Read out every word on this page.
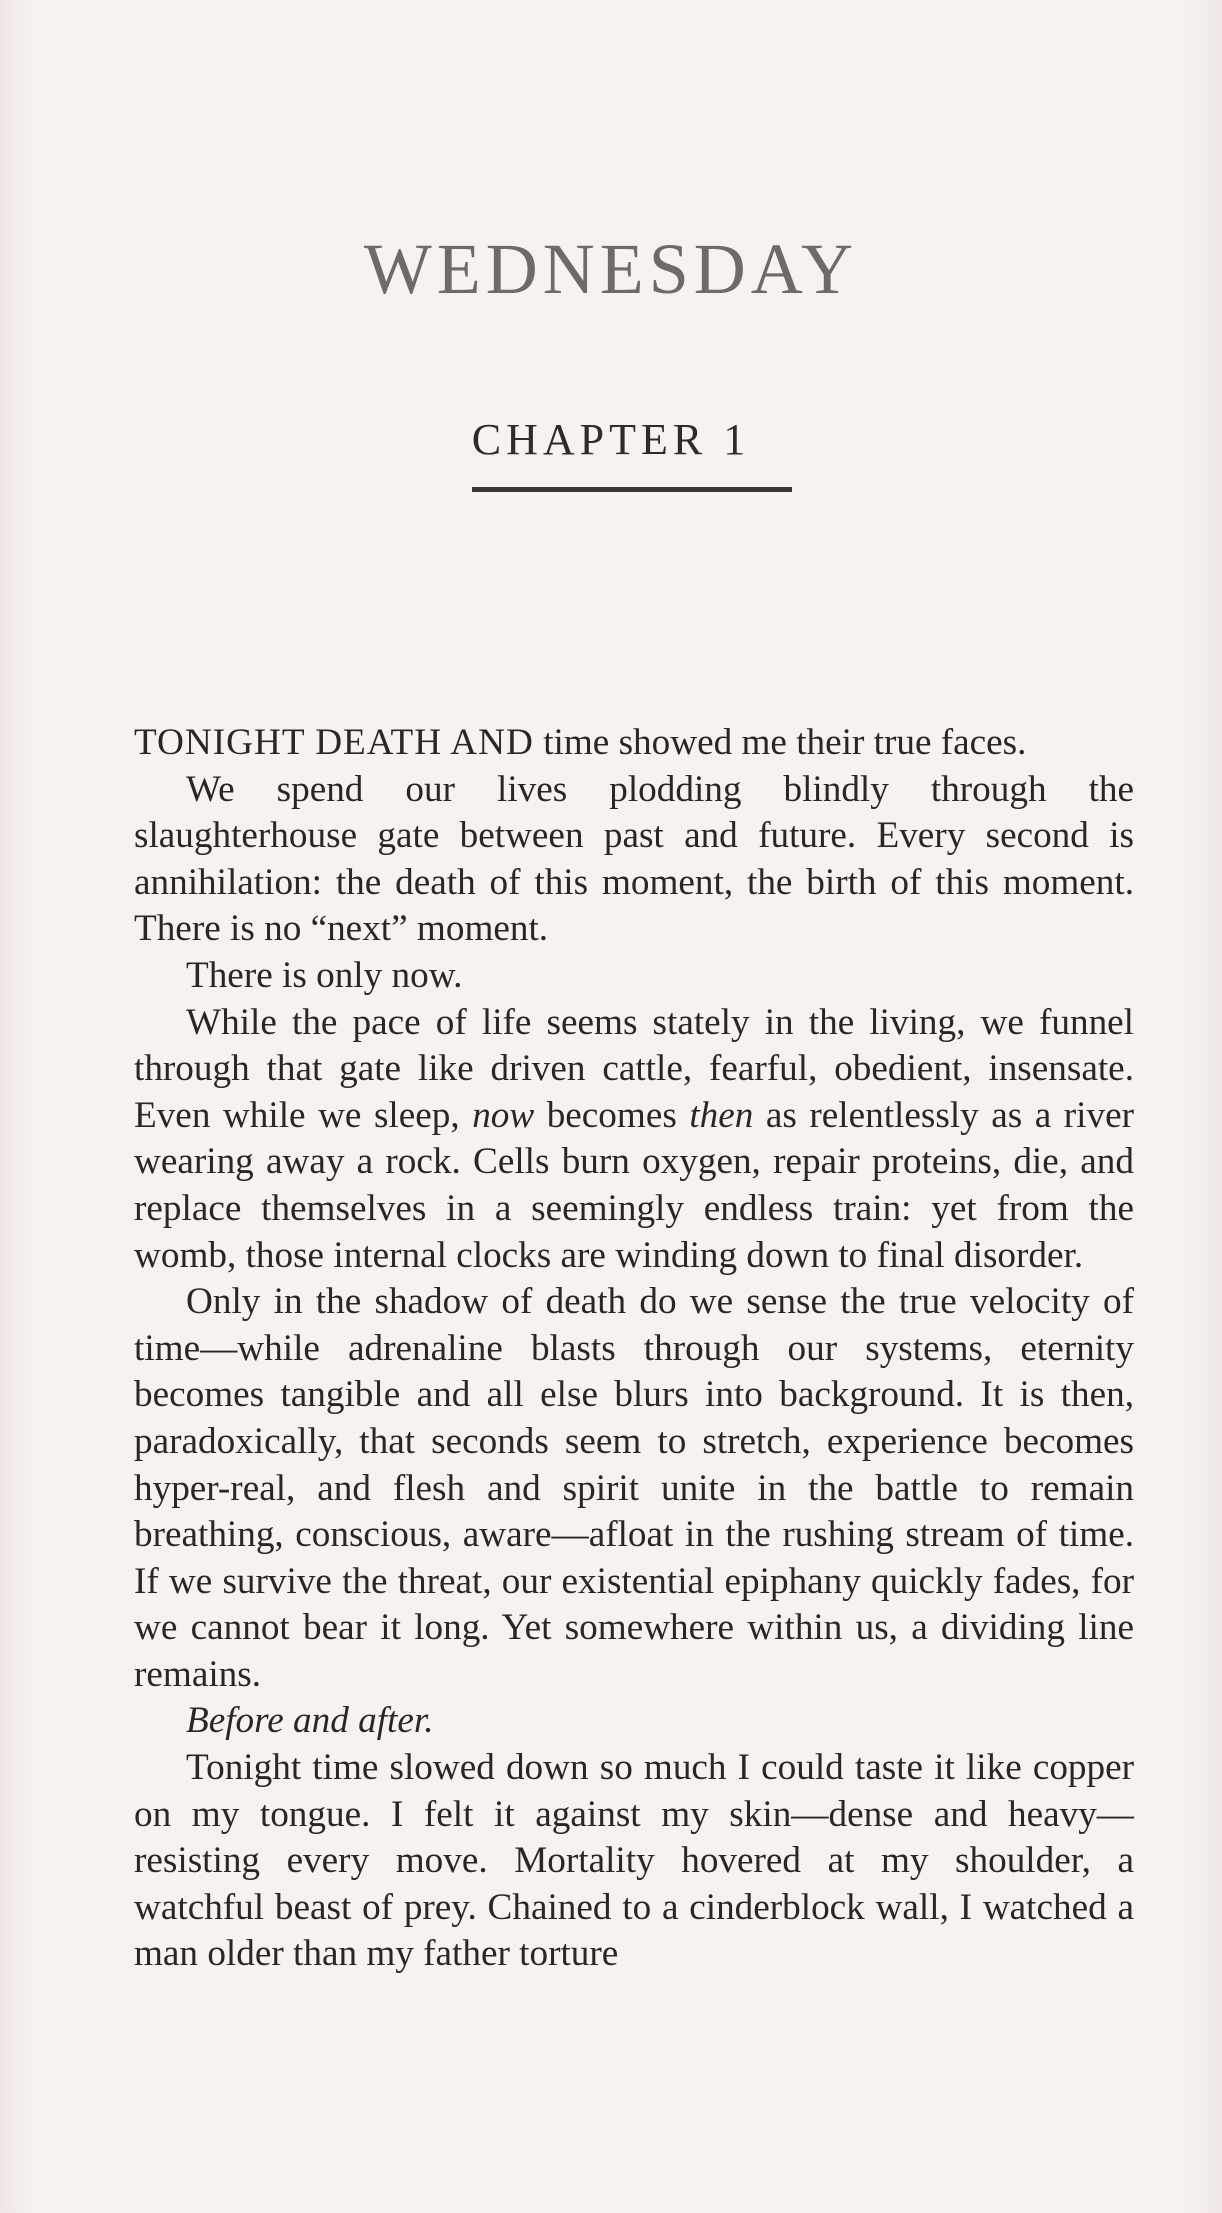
WEDNESDAY
CHAPTER 1

TONIGHT DEATH AND time showed me their true faces.

We spend our lives plodding blindly through the slaughterhouse gate between past and future. Every second is annihilation: the death of this moment, the birth of this moment. There is no “next” moment.

There is only now.

While the pace of life seems stately in the living, we funnel through that gate like driven cattle, fearful, obedient, insensate. Even while we sleep, now becomes then as relentlessly as a river wearing away a rock. Cells burn oxygen, repair proteins, die, and replace themselves in a seemingly endless train: yet from the womb, those internal clocks are winding down to final disorder.

Only in the shadow of death do we sense the true velocity of time—while adrenaline blasts through our systems, eternity becomes tangible and all else blurs into background. It is then, paradoxically, that seconds seem to stretch, experience becomes hyper-real, and flesh and spirit unite in the battle to remain breathing, conscious, aware—afloat in the rushing stream of time. If we survive the threat, our existential epiphany quickly fades, for we cannot bear it long. Yet somewhere within us, a dividing line remains.

Before and after.

Tonight time slowed down so much I could taste it like copper on my tongue. I felt it against my skin—dense and heavy—resisting every move. Mortality hovered at my shoulder, a watchful beast of prey. Chained to a cinderblock wall, I watched a man older than my father torture
